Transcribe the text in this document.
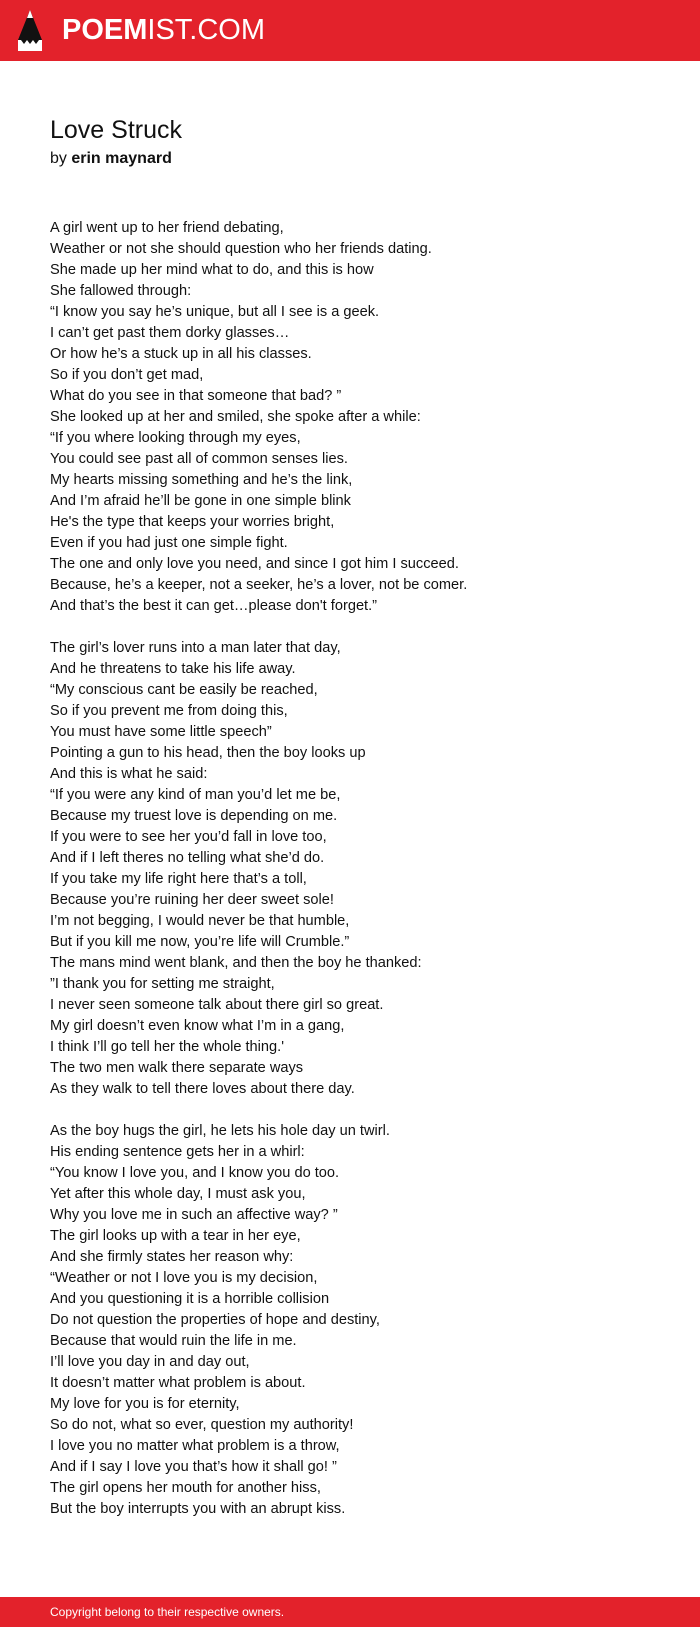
POEMIST.COM
Love Struck

by erin maynard

A girl went up to her friend debating,
Weather or not she should question who her friends dating.
She made up her mind what to do, and this is how
She fallowed through:
“I know you say he’s unique, but all I see is a geek.
I can’t get past them dorky glasses…
Or how he’s a stuck up in all his classes.
So if you don’t get mad,
What do you see in that someone that bad? ”
She looked up at her and smiled, she spoke after a while:
“If you where looking through my eyes,
You could see past all of common senses lies.
My hearts missing something and he’s the link,
And I’m afraid he’ll be gone in one simple blink
He's the type that keeps your worries bright,
Even if you had just one simple fight.
The one and only love you need, and since I got him I succeed.
Because, he’s a keeper, not a seeker, he’s a lover, not be comer.
And that’s the best it can get…please don't forget.”
The girl’s lover runs into a man later that day,
And he threatens to take his life away.
“My conscious cant be easily be reached,
So if you prevent me from doing this,
You must have some little speech”
Pointing a gun to his head, then the boy looks up
And this is what he said:
“If you were any kind of man you’d let me be,
Because my truest love is depending on me.
If you were to see her you’d fall in love too,
And if I left theres no telling what she’d do.
If you take my life right here that’s a toll,
Because you’re ruining her deer sweet sole!
I’m not begging, I would never be that humble,
But if you kill me now, you’re life will Crumble.”
The mans mind went blank, and then the boy he thanked:
”I thank you for setting me straight,
I never seen someone talk about there girl so great.
My girl doesn’t even know what I’m in a gang,
I think I’ll go tell her the whole thing.'
The two men walk there separate ways
As they walk to tell there loves about there day.
As the boy hugs the girl, he lets his hole day un twirl.
His ending sentence gets her in a whirl:
“You know I love you, and I know you do too.
Yet after this whole day, I must ask you,
Why you love me in such an affective way? ”
The girl looks up with a tear in her eye,
And she firmly states her reason why:
“Weather or not I love you is my decision,
And you questioning it is a horrible collision
Do not question the properties of hope and destiny,
Because that would ruin the life in me.
I’ll love you day in and day out,
It doesn’t matter what problem is about.
My love for you is for eternity,
So do not, what so ever, question my authority!
I love you no matter what problem is a throw,
And if I say I love you that’s how it shall go! ”
The girl opens her mouth for another hiss,
But the boy interrupts you with an abrupt kiss.
Copyright belong to their respective owners.
